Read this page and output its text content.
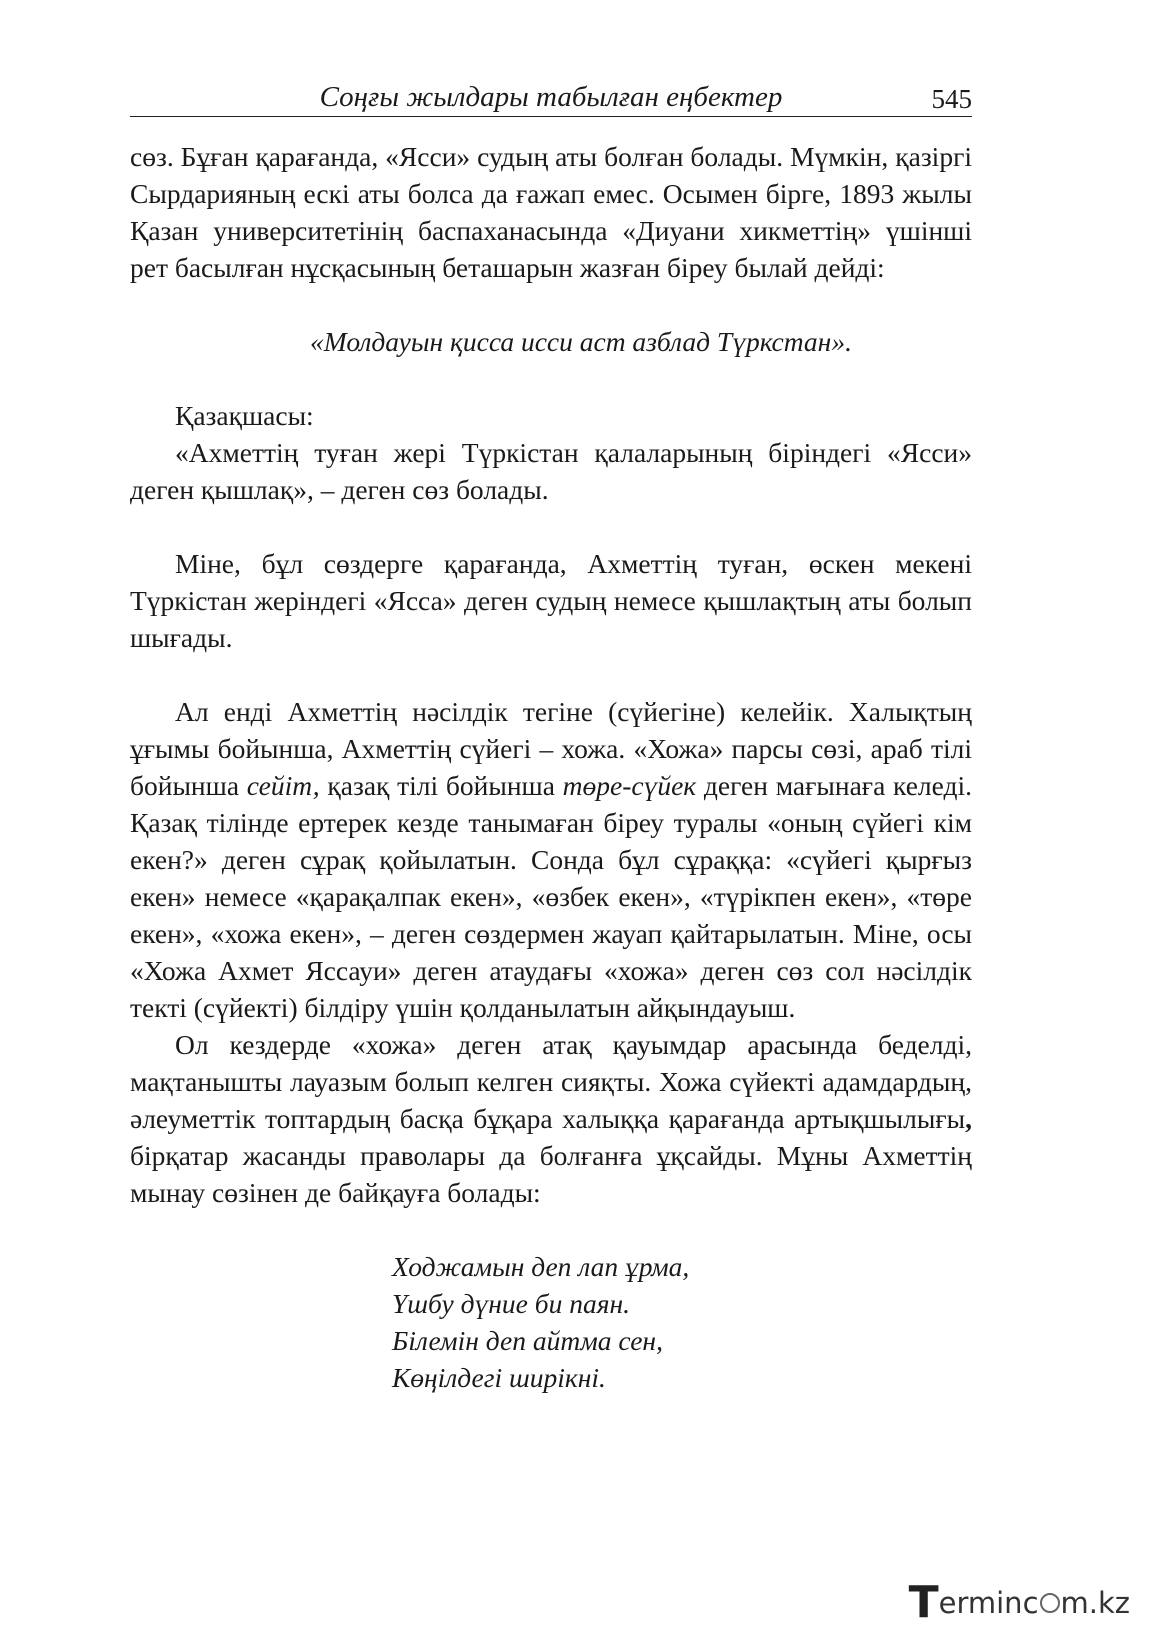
Соңғы жылдары табылған еңбектер	545

сөз. Бұған қарағанда, «Ясси» судың аты болған болады. Мүмкін, қазіргі Сырдарияның ескі аты болса да ғажап емес. Осымен бірге, 1893 жылы Қазан университетінің баспаханасында «Диуани хикметтің» үшінші рет басылған нұсқасының беташарын жазған біреу былай дейді:

«Молдауын қисса исси аст азблад Түркстан».

Қазақшасы:

«Ахметтің туған жері Түркістан қалаларының біріндегі «Ясси» деген қышлақ», – деген сөз болады.

Міне, бұл сөздерге қарағанда, Ахметтің туған, өскен мекені Түркістан жеріндегі «Ясса» деген судың немесе қышлақтың аты болып шығады.

Ал енді Ахметтің нәсілдік тегіне (сүйегіне) келейік. Халықтың ұғымы бойынша, Ахметтің сүйегі – хожа. «Хожа» парсы сөзі, араб тілі бойынша сейіт, қазақ тілі бойынша төре-сүйек деген мағынаға келеді. Қазақ тілінде ертерек кезде танымаған біреу туралы «оның сүйегі кім екен?» деген сұрақ қойылатын. Сонда бұл сұраққа: «сүйегі қырғыз екен» немесе «қарақалпак екен», «өзбек екен», «түрікпен екен», «төре екен», «хожа екен», – деген сөздермен жауап қайтарылатын. Міне, осы «Хожа Ахмет Яссауи» деген атаудағы «хожа» деген сөз сол нәсілдік текті (сүйекті) білдіру үшін қолданылатын айқындауыш.

Ол кездерде «хожа» деген атақ қауымдар арасында беделді, мақтанышты лауазым болып келген сияқты. Хожа сүйекті адамдардың, әлеуметтік топтардың басқа бұқара халыққа қарағанда артықшылығы, бірқатар жасанды праволары да болғанға ұқсайды. Мұны Ахметтің мынау сөзінен де байқауға болады:

Ходжамын деп лап ұрма,
Үшбу дүние би паян.
Білемін деп айтма сен,
Көңілдегі ширікні.
T erminc m.kz
